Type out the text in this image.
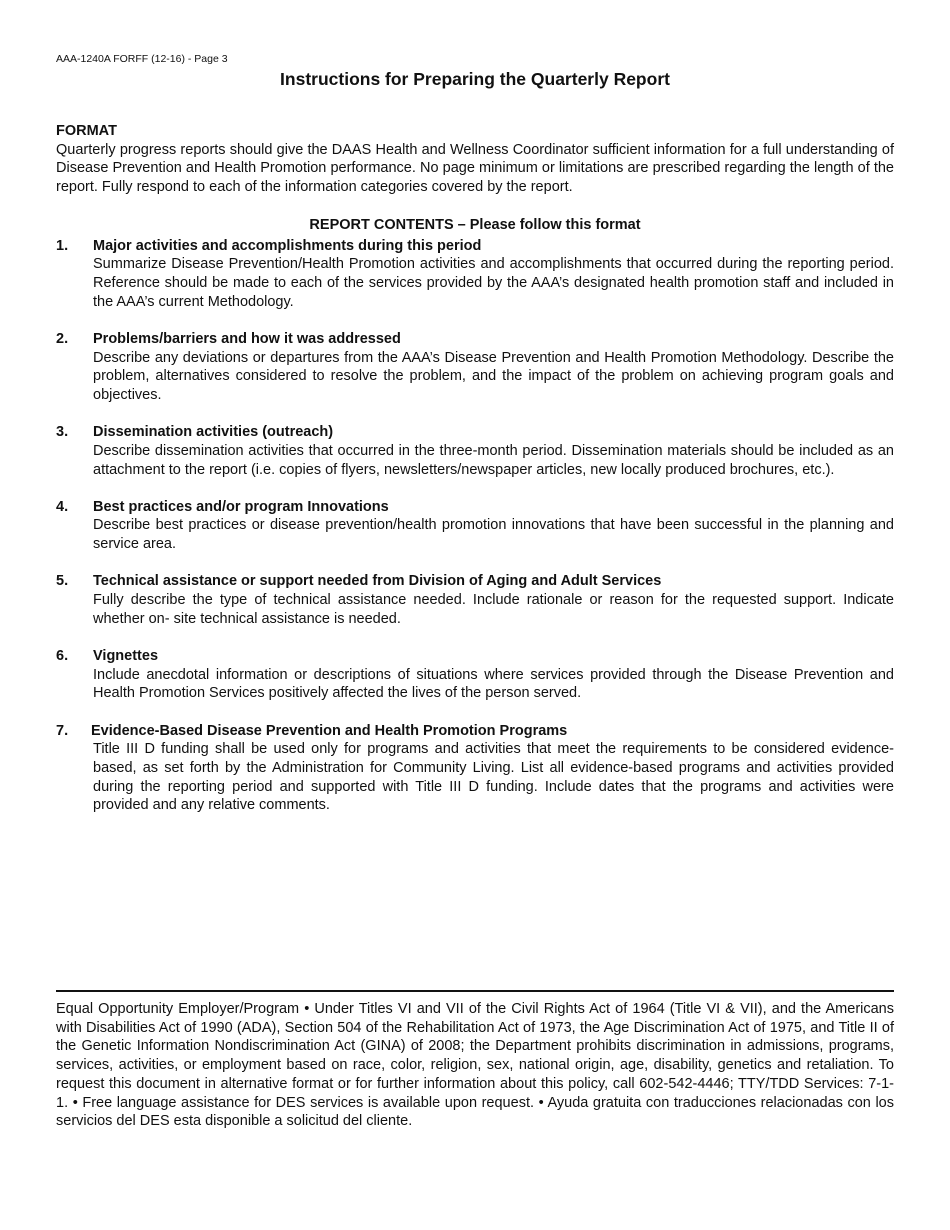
AAA-1240A FORFF (12-16) - Page 3

Instructions for Preparing the Quarterly Report
FORMAT

Quarterly progress reports should give the DAAS Health and Wellness Coordinator sufficient information for a full understanding of Disease Prevention and Health Promotion performance. No page minimum or limitations are prescribed regarding the length of the report. Fully respond to each of the information categories covered by the report.

REPORT CONTENTS – Please follow this format
1. Major activities and accomplishments during this period

Summarize Disease Prevention/Health Promotion activities and accomplishments that occurred during the reporting period. Reference should be made to each of the services provided by the AAA’s designated health promotion staff and included in the AAA’s current Methodology.

2. Problems/barriers and how it was addressed

Describe any deviations or departures from the AAA’s Disease Prevention and Health Promotion Methodology. Describe the problem, alternatives considered to resolve the problem, and the impact of the problem on achieving program goals and objectives.

3. Dissemination activities (outreach)

Describe dissemination activities that occurred in the three-month period. Dissemination materials should be included as an attachment to the report (i.e. copies of flyers, newsletters/newspaper articles, new locally produced brochures, etc.).

4. Best practices and/or program Innovations

Describe best practices or disease prevention/health promotion innovations that have been successful in the planning and service area.

5. Technical assistance or support needed from Division of Aging and Adult Services

Fully describe the type of technical assistance needed. Include rationale or reason for the requested support. Indicate whether on- site technical assistance is needed.

6. Vignettes

Include anecdotal information or descriptions of situations where services provided through the Disease Prevention and Health Promotion Services positively affected the lives of the person served.

7. Evidence-Based Disease Prevention and Health Promotion Programs

Title III D funding shall be used only for programs and activities that meet the requirements to be considered evidence-based, as set forth by the Administration for Community Living. List all evidence-based programs and activities provided during the reporting period and supported with Title III D funding. Include dates that the programs and activities were provided and any relative comments.

Equal Opportunity Employer/Program • Under Titles VI and VII of the Civil Rights Act of 1964 (Title VI & VII), and the Americans with Disabilities Act of 1990 (ADA), Section 504 of the Rehabilitation Act of 1973, the Age Discrimination Act of 1975, and Title II of the Genetic Information Nondiscrimination Act (GINA) of 2008; the Department prohibits discrimination in admissions, programs, services, activities, or employment based on race, color, religion, sex, national origin, age, disability, genetics and retaliation. To request this document in alternative format or for further information about this policy, call 602-542-4446; TTY/TDD Services: 7-1-1. • Free language assistance for DES services is available upon request. • Ayuda gratuita con traducciones relacionadas con los servicios del DES esta disponible a solicitud del cliente.
